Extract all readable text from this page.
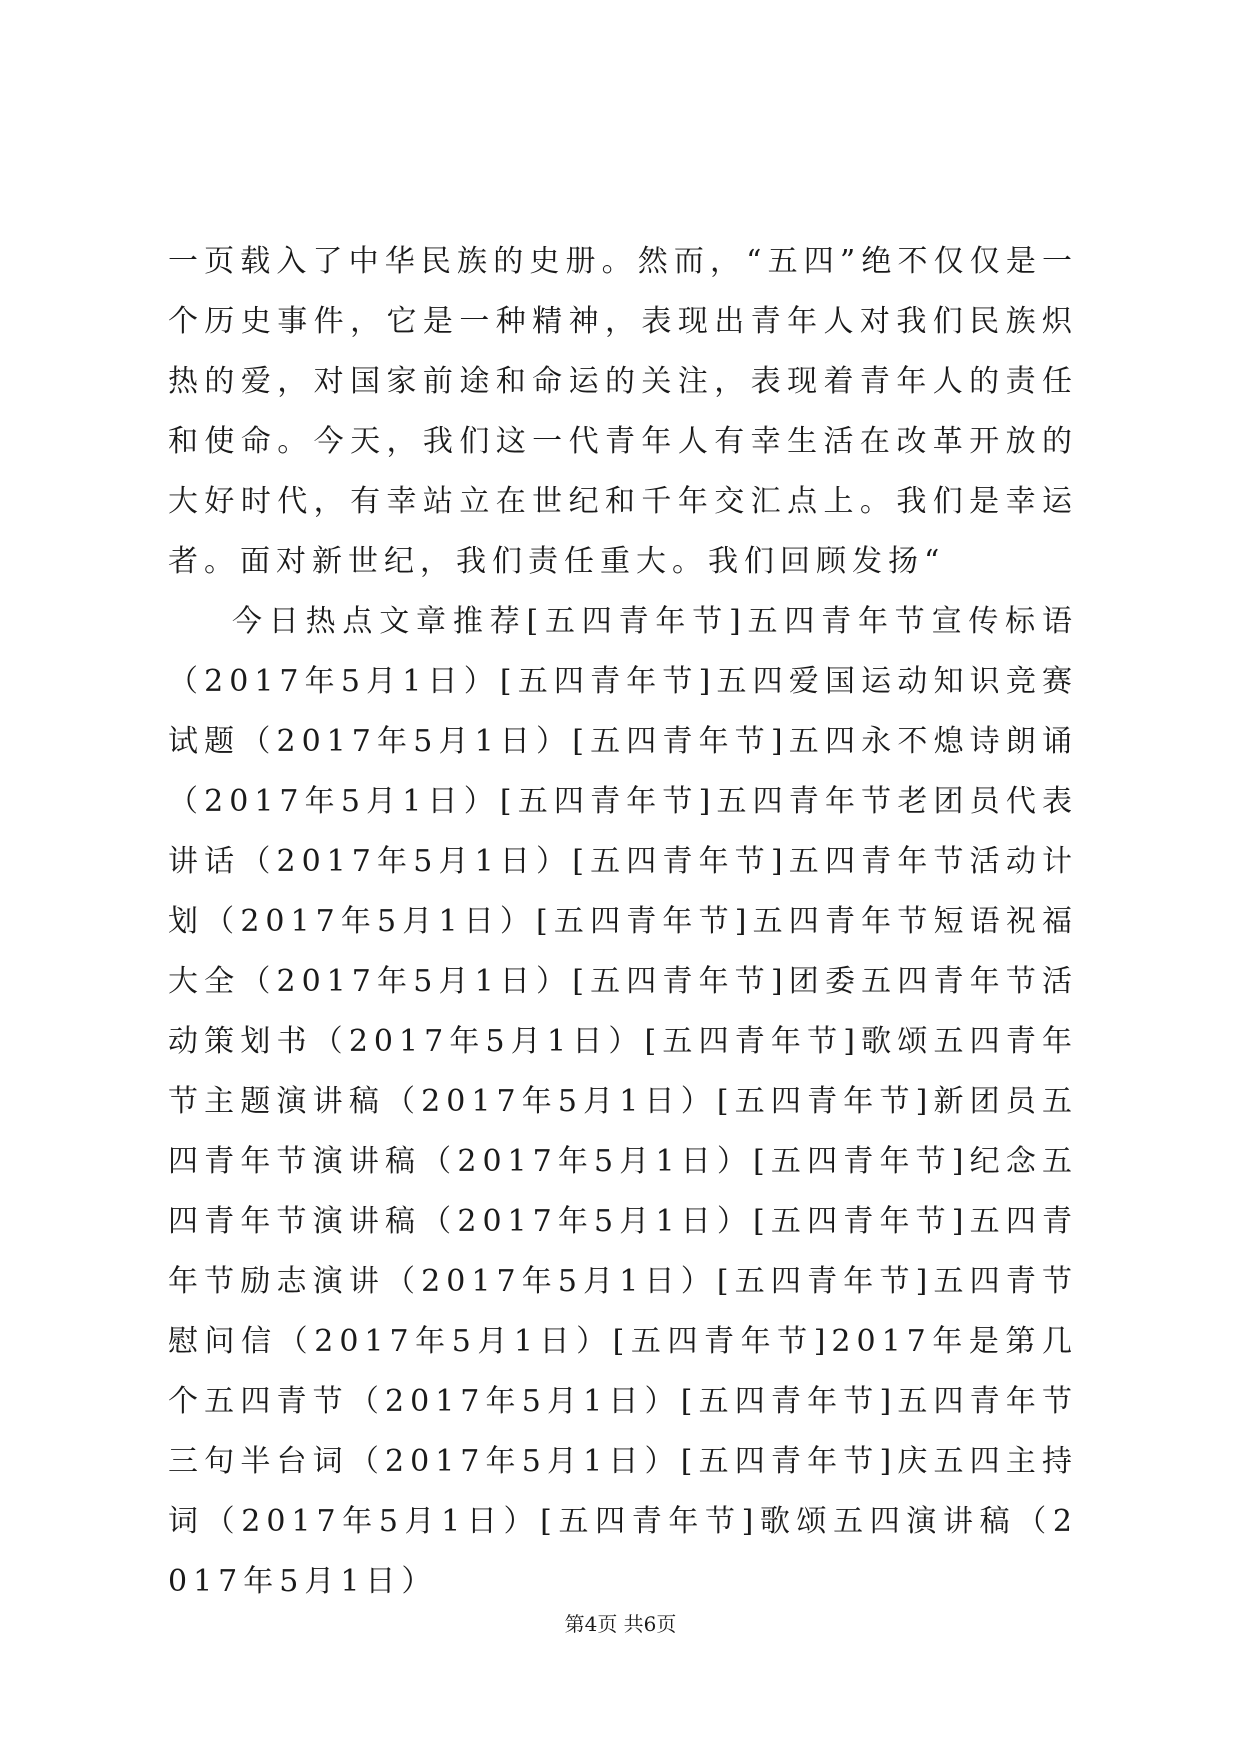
一页载入了中华民族的史册。然而，“五四”绝不仅仅是一个历史事件，它是一种精神，表现出青年人对我们民族炽热的爱，对国家前途和命运的关注，表现着青年人的责任和使命。今天，我们这一代青年人有幸生活在改革开放的大好时代，有幸站立在世纪和千年交汇点上。我们是幸运者。面对新世纪，我们责任重大。我们回顾发扬“

今日热点文章推荐[五四青年节]五四青年节宣传标语（2017年5月1日）[五四青年节]五四爱国运动知识竞赛试题（2017年5月1日）[五四青年节]五四永不熄诗朗诵（2017年5月1日）[五四青年节]五四青年节老团员代表讲话（2017年5月1日）[五四青年节]五四青年节活动计划（2017年5月1日）[五四青年节]五四青年节短语祝福大全（2017年5月1日）[五四青年节]团委五四青年节活动策划书（2017年5月1日）[五四青年节]歌颂五四青年节主题演讲稿（2017年5月1日）[五四青年节]新团员五四青年节演讲稿（2017年5月1日）[五四青年节]纪念五四青年节演讲稿（2017年5月1日）[五四青年节]五四青年节励志演讲（2017年5月1日）[五四青年节]五四青节慰问信（2017年5月1日）[五四青年节]2017年是第几个五四青节（2017年5月1日）[五四青年节]五四青年节三句半台词（2017年5月1日）[五四青年节]庆五四主持词（2017年5月1日）[五四青年节]歌颂五四演讲稿（2017年5月1日）

第4页 共6页
